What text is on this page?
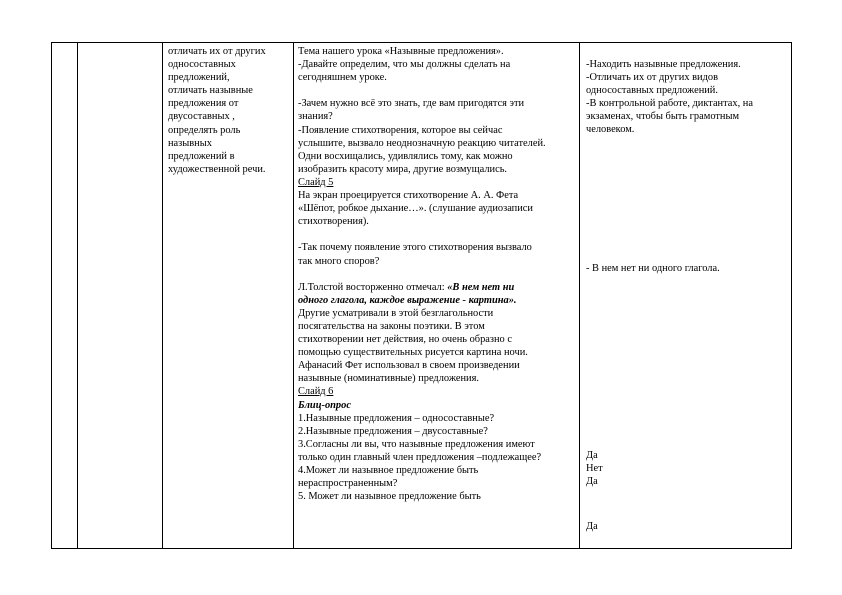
отличать их от других

односоставных

предложений,

отличать назывные

предложения от

двусоставных ,

определять роль

назывных

предложений в

художественной речи.

Тема нашего урока «Назывные предложения».

-Давайте определим, что мы должны сделать на

сегодняшнем уроке.

-Зачем нужно всё это знать, где вам пригодятся эти

знания?

-Появление стихотворения, которое вы сейчас

услышите, вызвало неоднозначную реакцию читателей.

Одни восхищались, удивлялись тому, как можно

изобразить красоту мира, другие возмущались.

Слайд 5

На экран проецируется стихотворение А. А. Фета

«Шёпот, робкое дыхание…». (слушание аудиозаписи

стихотворения).

-Так почему появление этого стихотворения вызвало

так много споров?

Л.Толстой восторженно отмечал: «В нем нет ни

одного глагола, каждое выражение - картина».

Другие усматривали в этой безглагольности

посягательства на законы поэтики. В этом

стихотворении нет действия, но очень образно с

помощью существительных рисуется картина ночи.

Афанасий Фет использовал в своем произведении

назывные (номинативные) предложения.

Слайд 6

Блиц-опрос

1.Назывные предложения – односоставные?

2.Назывные предложения – двусоставные?

3.Согласны ли вы, что назывные предложения имеют

только один главный член предложения –подлежащее?

4.Может ли назывное предложение быть

нераспространенным?

5. Может ли назывное предложение быть

-Находить назывные предложения.

-Отличать их от других видов

односоставных предложений.

-В контрольной работе, диктантах, на

экзаменах, чтобы быть грамотным

человеком.

- В нем нет ни одного глагола.

Да

Нет

Да

Да
